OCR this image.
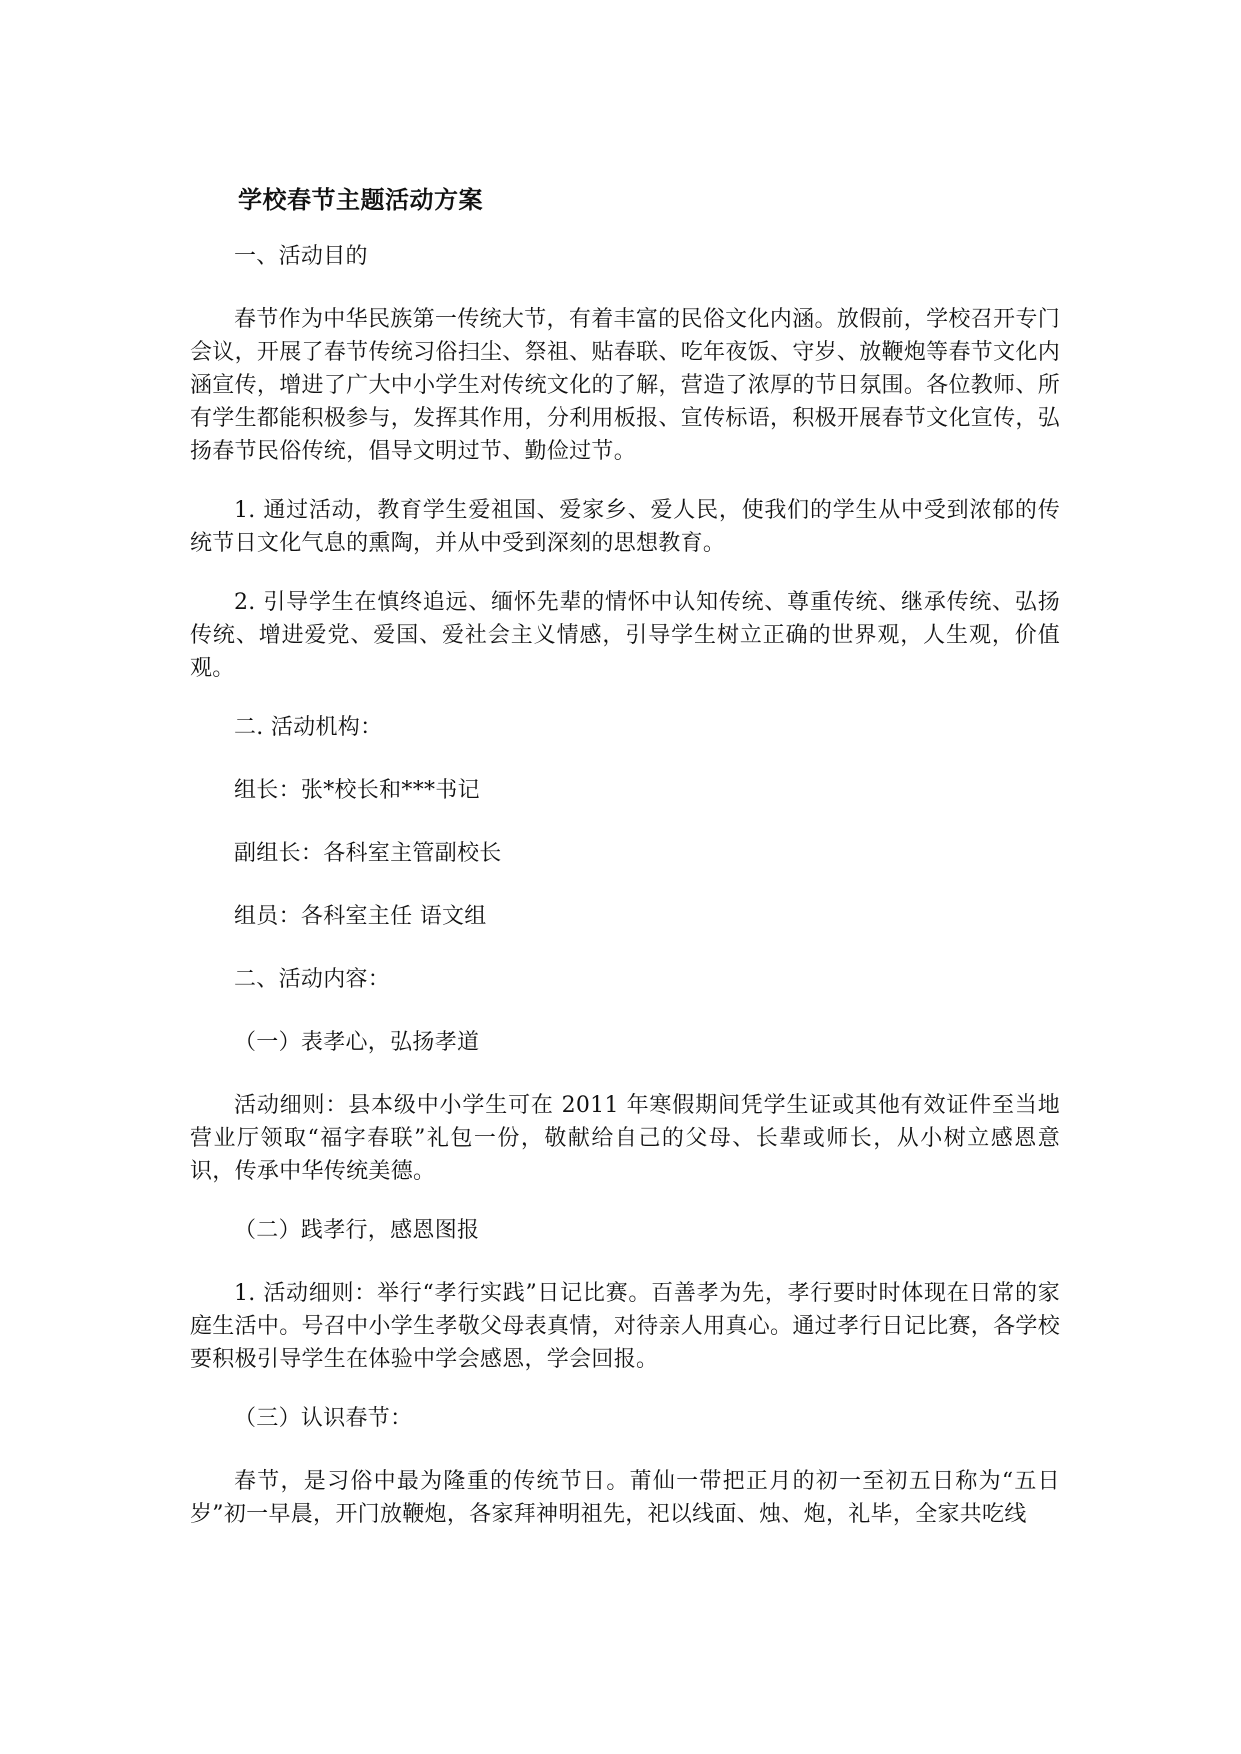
学校春节主题活动方案

一、活动目的

春节作为中华民族第一传统大节，有着丰富的民俗文化内涵。放假前，学校召开专门会议，开展了春节传统习俗扫尘、祭祖、贴春联、吃年夜饭、守岁、放鞭炮等春节文化内涵宣传，增进了广大中小学生对传统文化的了解，营造了浓厚的节日氛围。各位教师、所有学生都能积极参与，发挥其作用，分利用板报、宣传标语，积极开展春节文化宣传，弘扬春节民俗传统，倡导文明过节、勤俭过节。

1. 通过活动，教育学生爱祖国、爱家乡、爱人民，使我们的学生从中受到浓郁的传统节日文化气息的熏陶，并从中受到深刻的思想教育。

2. 引导学生在慎终追远、缅怀先辈的情怀中认知传统、尊重传统、继承传统、弘扬传统、增进爱党、爱国、爱社会主义情感，引导学生树立正确的世界观，人生观，价值观。

二. 活动机构：

组长：张*校长和***书记

副组长：各科室主管副校长

组员：各科室主任 语文组

二、活动内容：

（一）表孝心，弘扬孝道

活动细则：县本级中小学生可在 2011 年寒假期间凭学生证或其他有效证件至当地营业厅领取“福字春联”礼包一份，敬献给自己的父母、长辈或师长，从小树立感恩意识，传承中华传统美德。

（二）践孝行，感恩图报

1. 活动细则：举行“孝行实践”日记比赛。百善孝为先，孝行要时时体现在日常的家庭生活中。号召中小学生孝敬父母表真情，对待亲人用真心。通过孝行日记比赛，各学校要积极引导学生在体验中学会感恩，学会回报。

（三）认识春节：

春节，是习俗中最为隆重的传统节日。莆仙一带把正月的初一至初五日称为“五日岁”初一早晨，开门放鞭炮，各家拜神明祖先，祀以线面、烛、炮，礼毕，全家共吃线
